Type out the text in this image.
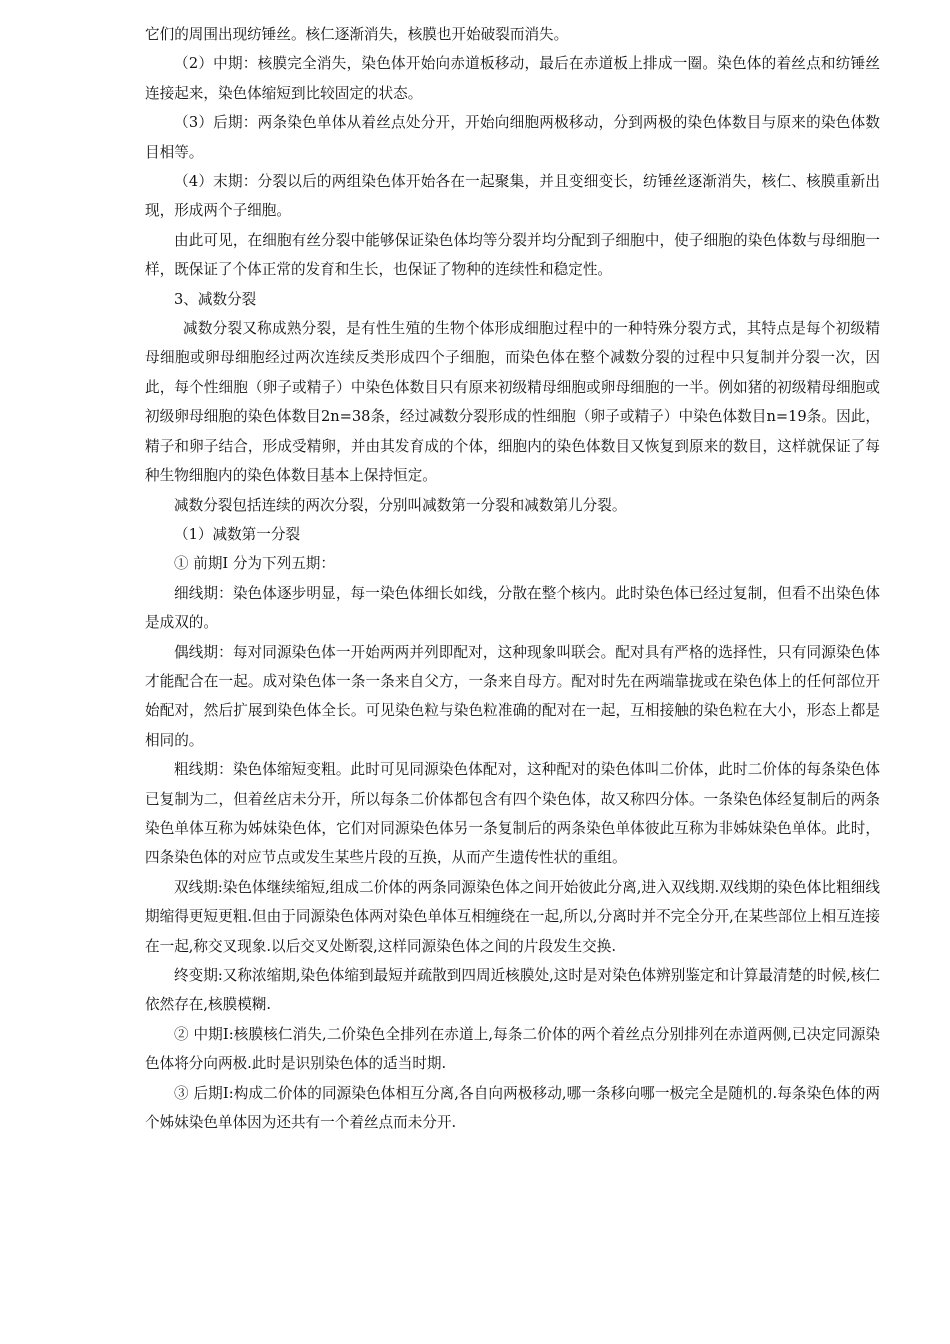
它们的周围出现纺锤丝。核仁逐渐消失，核膜也开始破裂而消失。

（2）中期：核膜完全消失，染色体开始向赤道板移动，最后在赤道板上排成一圈。染色体的着丝点和纺锤丝连接起来，染色体缩短到比较固定的状态。

（3）后期：两条染色单体从着丝点处分开，开始向细胞两极移动，分到两极的染色体数目与原来的染色体数目相等。

（4）末期：分裂以后的两组染色体开始各在一起聚集，并且变细变长，纺锤丝逐渐消失，核仁、核膜重新出现，形成两个子细胞。

由此可见，在细胞有丝分裂中能够保证染色体均等分裂并均分配到子细胞中，使子细胞的染色体数与母细胞一样，既保证了个体正常的发育和生长，也保证了物种的连续性和稳定性。

3、减数分裂

减数分裂又称成熟分裂，是有性生殖的生物个体形成细胞过程中的一种特殊分裂方式，其特点是每个初级精母细胞或卵母细胞经过两次连续反类形成四个子细胞，而染色体在整个减数分裂的过程中只复制并分裂一次，因此，每个性细胞（卵子或精子）中染色体数目只有原来初级精母细胞或卵母细胞的一半。例如猪的初级精母细胞或初级卵母细胞的染色体数目2n=38条，经过减数分裂形成的性细胞（卵子或精子）中染色体数目n=19条。因此，精子和卵子结合，形成受精卵，并由其发育成的个体，细胞内的染色体数目又恢复到原来的数目，这样就保证了每种生物细胞内的染色体数目基本上保持恒定。

减数分裂包括连续的两次分裂，分别叫减数第一分裂和减数第儿分裂。

（1）减数第一分裂

① 前期Ⅰ 分为下列五期：

细线期：染色体逐步明显，每一染色体细长如线，分散在整个核内。此时染色体已经过复制，但看不出染色体是成双的。

偶线期：每对同源染色体一开始两两并列即配对，这种现象叫联会。配对具有严格的选择性，只有同源染色体才能配合在一起。成对染色体一条一条来自父方，一条来自母方。配对时先在两端靠拢或在染色体上的任何部位开始配对，然后扩展到染色体全长。可见染色粒与染色粒准确的配对在一起，互相接触的染色粒在大小，形态上都是相同的。

粗线期：染色体缩短变粗。此时可见同源染色体配对，这种配对的染色体叫二价体，此时二价体的每条染色体已复制为二，但着丝店未分开，所以每条二价体都包含有四个染色体，故又称四分体。一条染色体经复制后的两条染色单体互称为姊妹染色体，它们对同源染色体另一条复制后的两条染色单体彼此互称为非姊妹染色单体。此时，四条染色体的对应节点或发生某些片段的互换，从而产生遗传性状的重组。

双线期:染色体继续缩短,组成二价体的两条同源染色体之间开始彼此分离,进入双线期.双线期的染色体比粗细线期缩得更短更粗.但由于同源染色体两对染色单体互相缠绕在一起,所以,分离时并不完全分开,在某些部位上相互连接在一起,称交叉现象.以后交叉处断裂,这样同源染色体之间的片段发生交换.

终变期:又称浓缩期,染色体缩到最短并疏散到四周近核膜处,这时是对染色体辨别鉴定和计算最清楚的时候,核仁依然存在,核膜模糊.

② 中期Ⅰ:核膜核仁消失,二价染色全排列在赤道上,每条二价体的两个着丝点分别排列在赤道两侧,已决定同源染色体将分向两极.此时是识别染色体的适当时期.

③ 后期Ⅰ:构成二价体的同源染色体相互分离,各自向两极移动,哪一条移向哪一极完全是随机的.每条染色体的两个姊妹染色单体因为还共有一个着丝点而未分开.
